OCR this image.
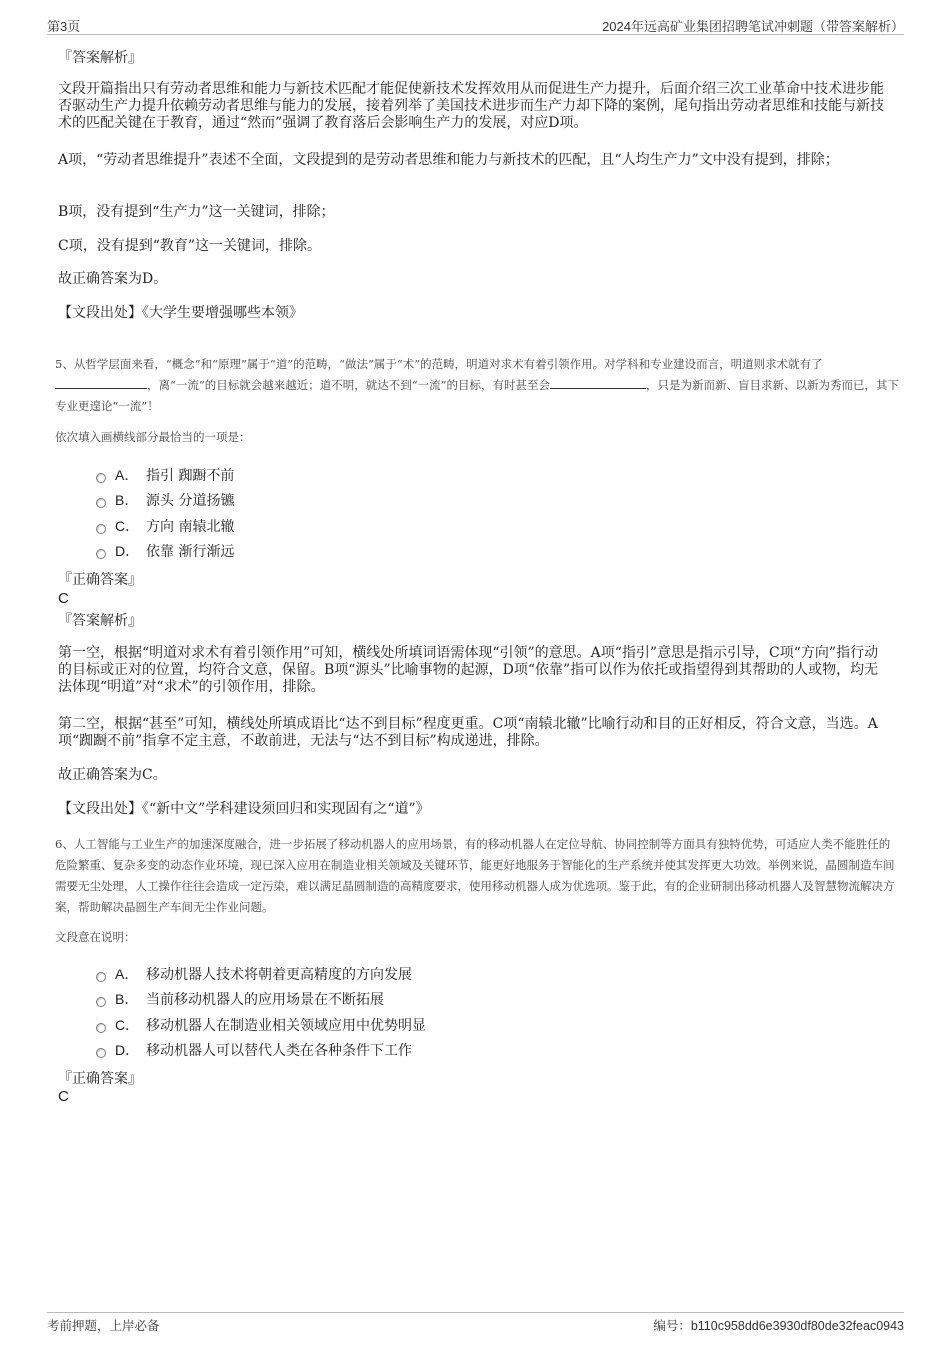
第3页	2024年远高矿业集团招聘笔试冲刺题（带答案解析）
『答案解析』
文段开篇指出只有劳动者思维和能力与新技术匹配才能促使新技术发挥效用从而促进生产力提升，后面介绍三次工业革命中技术进步能否驱动生产力提升依赖劳动者思维与能力的发展，接着列举了美国技术进步而生产力却下降的案例，尾句指出劳动者思维和技能与新技术的匹配关键在于教育，通过“然而”强调了教育落后会影响生产力的发展，对应D项。
A项，“劳动者思维提升”表述不全面，文段提到的是劳动者思维和能力与新技术的匹配，且“人均生产力”文中没有提到，排除；
B项，没有提到“生产力”这一关键词，排除；
C项，没有提到“教育”这一关键词，排除。
故正确答案为D。
【文段出处】《大学生要增强哪些本领》
5、从哲学层面来看，“概念”和“原理”属于“道”的范畴，“做法”属于“术”的范畴，明道对求术有着引领作用。对学科和专业建设而言，明道则求术就有了，离“一流”的目标就会越来越近；道不明，就达不到“一流”的目标，有时甚至会	，只是为新而新、盲目求新、以新为秀而已，其下专业更遑论“一流”！
依次填入画横线部分最恰当的一项是：
A． 指引 踟蹰不前
B． 源头 分道扬镳
C． 方向 南辕北辙
D． 依靠 渐行渐远
『正确答案』
C
『答案解析』
第一空，根据“明道对求术有着引领作用”可知，横线处所填词语需体现“引领”的意思。A项“指引”意思是指示引导，C项“方向”指行动的目标或正对的位置，均符合文意，保留。B项“源头”比喻事物的起源，D项“依靠”指可以作为依托或指望得到其帮助的人或物，均无法体现“明道”对“求术”的引领作用，排除。
第二空，根据“甚至”可知，横线处所填成语比“达不到目标”程度更重。C项“南辕北辙”比喻行动和目的正好相反，符合文意，当选。A项“踟蹰不前”指拿不定主意，不敢前进，无法与“达不到目标”构成递进，排除。
故正确答案为C。
【文段出处】《“新中文”学科建设须回归和实现固有之“道”》
6、人工智能与工业生产的加速深度融合，进一步拓展了移动机器人的应用场景，有的移动机器人在定位导航、协同控制等方面具有独特优势，可适应人类不能胜任的危险繁重、复杂多变的动态作业环境，现已深入应用在制造业相关领域及关键环节，能更好地服务于智能化的生产系统并使其发挥更大功效。举例来说，晶圆制造车间需要无尘处理，人工操作往往会造成一定污染，难以满足晶圆制造的高精度要求，使用移动机器人成为优选项。鉴于此，有的企业研制出移动机器人及智慧物流解决方案，帮助解决晶圆生产车间无尘作业问题。
文段意在说明：
A． 移动机器人技术将朝着更高精度的方向发展
B． 当前移动机器人的应用场景在不断拓展
C． 移动机器人在制造业相关领域应用中优势明显
D． 移动机器人可以替代人类在各种条件下工作
『正确答案』
C
考前押题，上岸必备	编号：b110c958dd6e3930df80de32feac0943
